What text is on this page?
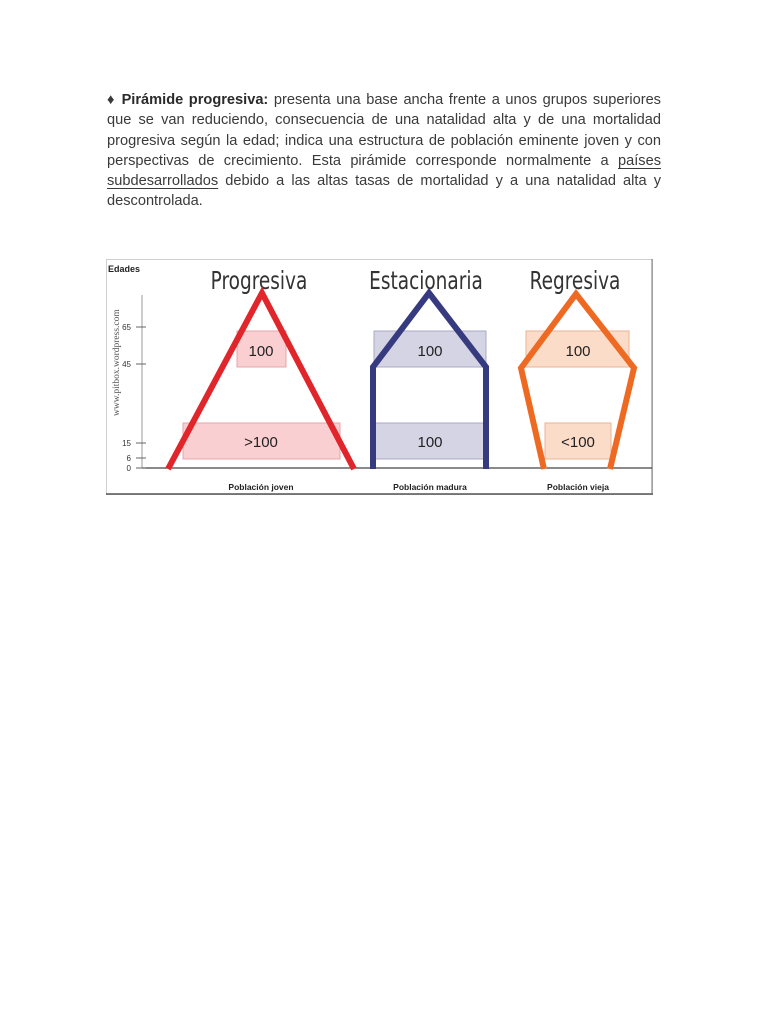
♦ Pirámide progresiva: presenta una base ancha frente a unos grupos superiores que se van reduciendo, consecuencia de una natalidad alta y de una mortalidad progresiva según la edad; indica una estructura de población eminente joven y con perspectivas de crecimiento. Esta pirámide corresponde normalmente a países subdesarrollados debido a las altas tasas de mortalidad y a una natalidad alta y descontrolada.
Edades
www.pitbox.wordpress.com 65
45
15
6
0
Progresiva
100
>100
Población joven
Estacionaria
100
100
Población madura
Regresiva
100
<100
Población vieja
